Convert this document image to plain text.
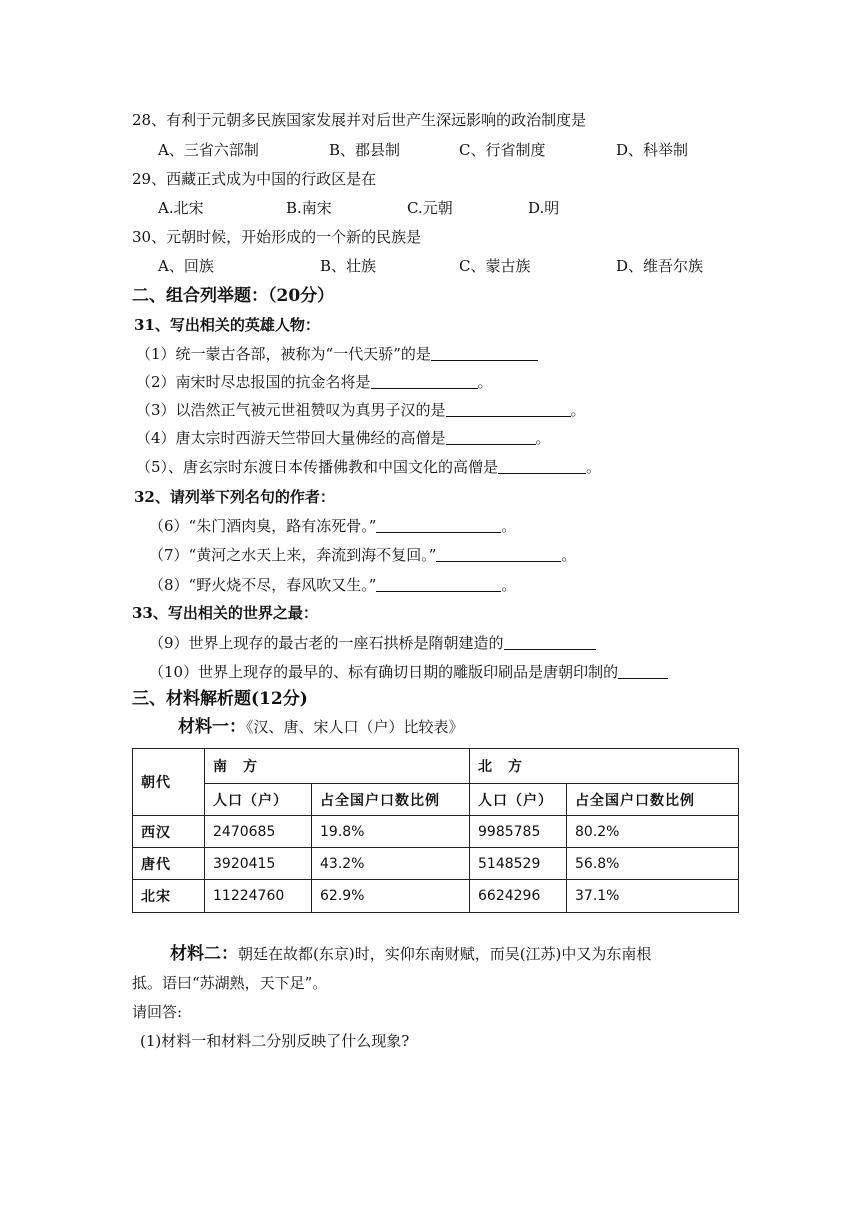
28、有利于元朝多民族国家发展并对后世产生深远影响的政治制度是
A、三省六部制	B、郡县制	C、行省制度	D、科举制
29、西藏正式成为中国的行政区是在
A.北宋	B.南宋	C.元朝	D.明
30、元朝时候，开始形成的一个新的民族是
A、回族	B、壮族	C、蒙古族	D、维吾尔族
二、组合列举题：（20分）
31、写出相关的英雄人物：
（1）统一蒙古各部，被称为“一代天骄”的是
（2）南宋时尽忠报国的抗金名将是	。
（3）以浩然正气被元世祖赞叹为真男子汉的是	。
（4）唐太宗时西游天竺带回大量佛经的高僧是	。
（5）、唐玄宗时东渡日本传播佛教和中国文化的高僧是	。
32、请列举下列名句的作者：
（6）“朱门酒肉臭，路有冻死骨。”	。
（7）“黄河之水天上来，奔流到海不复回。”	。
（8）“野火烧不尽，春风吹又生。”	。
33、写出相关的世界之最：
（9）世界上现存的最古老的一座石拱桥是隋朝建造的
（10）世界上现存的最早的、标有确切日期的雕版印刷品是唐朝印制的
三、材料解析题(12分)
材料一：《汉、唐、宋人口（户）比较表》
朝代	南　方		北　方	
	人口（户）	占全国户口数比例	人口（户）	占全国户口数比例
西汉	2470685	19.8%	9985785	80.2%
唐代	3920415	43.2%	5148529	56.8%
北宋	11224760	62.9%	6624296	37.1%
材料二：朝廷在故都(东京)时，实仰东南财赋，而吴(江苏)中又为东南根
抵。语曰“苏湖熟，天下足”。
请回答:
(1)材料一和材料二分别反映了什么现象?
